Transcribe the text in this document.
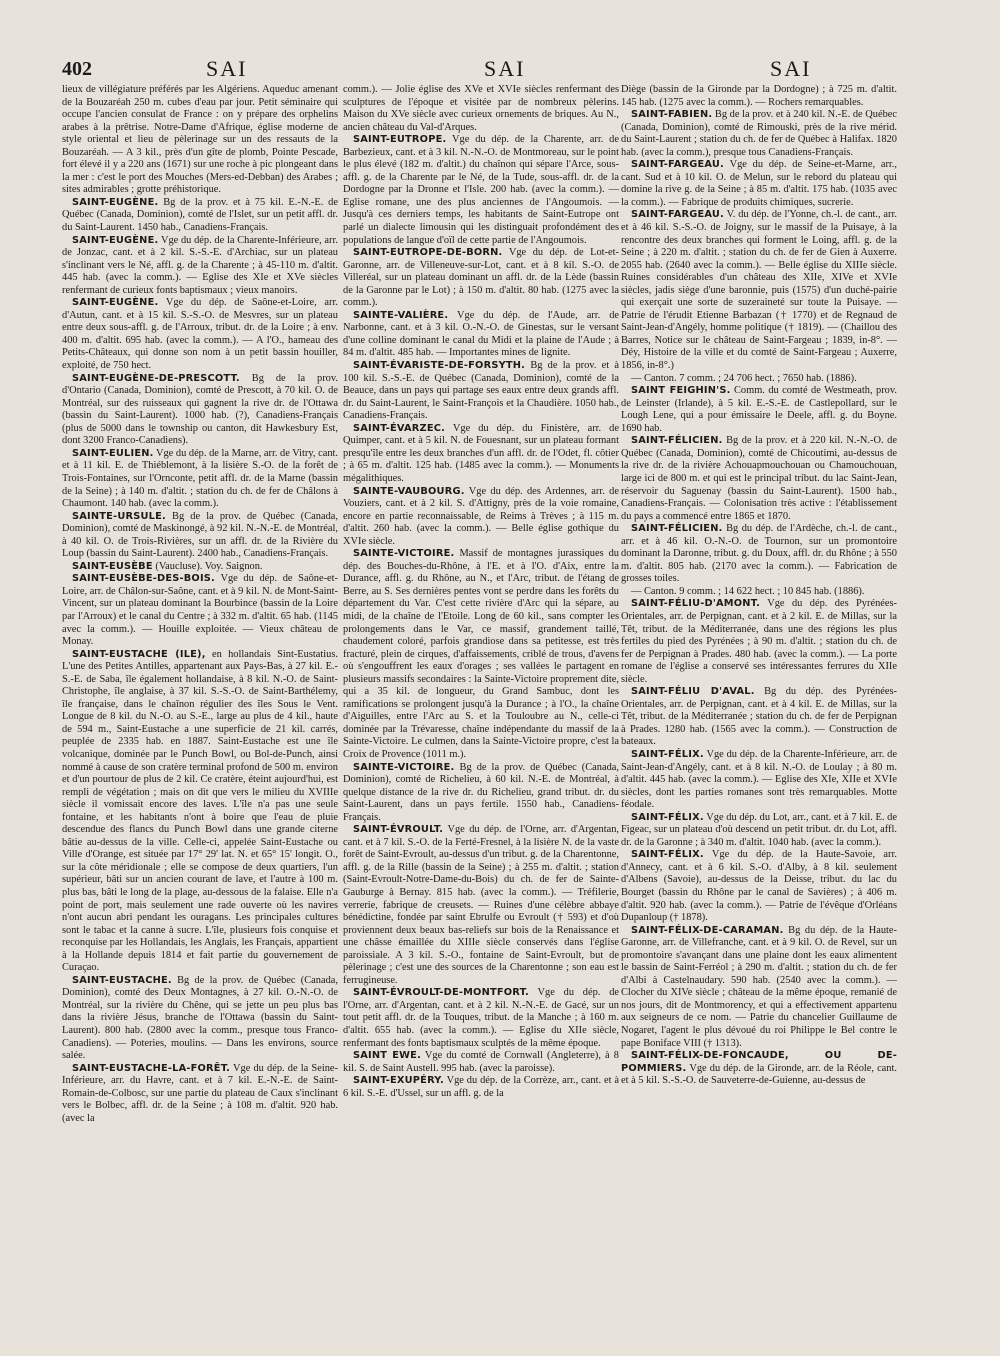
402	SAI	SAI	SAI

lieux de villégiature préférés par les Algériens. Aqueduc amenant de la Bouzaréah 250 m. cubes d'eau par jour. Petit séminaire qui occupe l'ancien consulat de France : on y prépare des orphelins arabes à la prêtrise. Notre-Dame d'Afrique, église moderne de style oriental et lieu de pèlerinage sur un des ressauts de la Bouzaréah. — A 3 kil., près d'un gîte de plomb, Pointe Pescade, fort élevé il y a 220 ans (1671) sur une roche à pic plongeant dans la mer : c'est le port des Mouches (Mers-ed-Debban) des Arabes ; sites admirables ; grotte préhistorique.

SAINT-EUGÈNE. Bg de la prov. et à 75 kil. E.-N.-E. de Québec (Canada, Dominion), comté de l'Islet, sur un petit affl. dr. du Saint-Laurent. 1450 hab., Canadiens-Français.

SAINT-EUGÈNE. Vge du dép. de la Charente-Inférieure, arr. de Jonzac, cant. et à 2 kil. S.-S.-E. d'Archiac, sur un plateau s'inclinant vers le Né, affl. g. de la Charente ; à 45-110 m. d'altit. 445 hab. (avec la comm.). — Eglise des XIe et XVe siècles renfermant de curieux fonts baptismaux ; vieux manoirs.

SAINT-EUGÈNE. Vge du dép. de Saône-et-Loire, arr. d'Autun, cant. et à 15 kil. S.-S.-O. de Mesvres, sur un plateau entre deux sous-affl. g. de l'Arroux, tribut. dr. de la Loire ; à env. 400 m. d'altit. 695 hab. (avec la comm.). — A l'O., hameau des Petits-Châteaux, qui donne son nom à un petit bassin houiller, exploité, de 750 hect.

SAINT-EUGÈNE-DE-PRESCOTT. Bg de la prov. d'Ontario (Canada, Dominion), comté de Prescott, à 70 kil. O. de Montréal, sur des ruisseaux qui gagnent la rive dr. de l'Ottawa (bassin du Saint-Laurent). 1000 hab. (?), Canadiens-Français (plus de 5000 dans le township ou canton, dit Hawkesbury Est, dont 3200 Franco-Canadiens).

SAINT-EULIEN. Vge du dép. de la Marne, arr. de Vitry, cant. et à 11 kil. E. de Thiéblemont, à la lisière S.-O. de la forêt de Trois-Fontaines, sur l'Ornconte, petit affl. dr. de la Marne (bassin de la Seine) ; à 140 m. d'altit. ; station du ch. de fer de Châlons à Chaumont. 140 hab. (avec la comm.).

SAINTE-URSULE. Bg de la prov. de Québec (Canada, Dominion), comté de Maskinongé, à 92 kil. N.-N.-E. de Montréal, à 40 kil. O. de Trois-Rivières, sur un affl. dr. de la Rivière du Loup (bassin du Saint-Laurent). 2400 hab., Canadiens-Français.

SAINT-EUSÈBE (Vaucluse). Voy. Saignon.

SAINT-EUSÈBE-DES-BOIS. Vge du dép. de Saône-et-Loire, arr. de Châlon-sur-Saône, cant. et à 9 kil. N. de Mont-Saint-Vincent, sur un plateau dominant la Bourbince (bassin de la Loire par l'Arroux) et le canal du Centre ; à 332 m. d'altit. 65 hab. (1145 avec la comm.). — Houille exploitée. — Vieux château de Monay.

SAINT-EUSTACHE (ILE), en hollandais Sint-Eustatius. L'une des Petites Antilles, appartenant aux Pays-Bas, à 27 kil. E.-S.-E. de Saba, île également hollandaise, à 8 kil. N.-O. de Saint-Christophe, île anglaise, à 37 kil. S.-S.-O. de Saint-Barthélemy, île française, dans le chaînon régulier des îles Sous le Vent. Longue de 8 kil. du N.-O. au S.-E., large au plus de 4 kil., haute de 594 m., Saint-Eustache a une superficie de 21 kil. carrés, peuplée de 2335 hab. en 1887. Saint-Eustache est une île volcanique, dominée par le Punch Bowl, ou Bol-de-Punch, ainsi nommé à cause de son cratère terminal profond de 500 m. environ et d'un pourtour de plus de 2 kil. Ce cratère, éteint aujourd'hui, est rempli de végétation ; mais on dit que vers le milieu du XVIIIe siècle il vomissait encore des laves. L'île n'a pas une seule fontaine, et les habitants n'ont à boire que l'eau de pluie descendue des flancs du Punch Bowl dans une grande citerne bâtie au-dessus de la ville. Celle-ci, appelée Saint-Eustache ou Ville d'Orange, est située par 17° 29' lat. N. et 65° 15' longit. O., sur la côte méridionale ; elle se compose de deux quartiers, l'un supérieur, bâti sur un ancien courant de lave, et l'autre à 100 m. plus bas, bâti le long de la plage, au-dessous de la falaise. Elle n'a point de port, mais seulement une rade ouverte où les navires n'ont aucun abri pendant les ouragans. Les principales cultures sont le tabac et la canne à sucre. L'île, plusieurs fois conquise et reconquise par les Hollandais, les Anglais, les Français, appartient à la Hollande depuis 1814 et fait partie du gouvernement de Curaçao.

SAINT-EUSTACHE. Bg de la prov. de Québec (Canada, Dominion), comté des Deux Montagnes, à 27 kil. O.-N.-O. de Montréal, sur la rivière du Chêne, qui se jette un peu plus bas dans la rivière Jésus, branche de l'Ottawa (bassin du Saint-Laurent). 800 hab. (2800 avec la comm., presque tous Franco-Canadiens). — Poteries, moulins. — Dans les environs, source salée.

SAINT-EUSTACHE-LA-FORÊT. Vge du dép. de la Seine-Inférieure, arr. du Havre, cant. et à 7 kil. E.-N.-E. de Saint-Romain-de-Colbosc, sur une partie du plateau de Caux s'inclinant vers le Bolbec, affl. dr. de la Seine ; à 108 m. d'altit. 920 hab. (avec la

comm.). — Jolie église des XVe et XVIe siècles renfermant des sculptures de l'époque et visitée par de nombreux pèlerins. Maison du XVe siècle avec curieux ornements de briques. Au N., ancien château du Val-d'Arques.

SAINT-EUTROPE. Vge du dép. de la Charente, arr. de Barbezieux, cant. et à 3 kil. N.-N.-O. de Montmoreau, sur le point le plus élevé (182 m. d'altit.) du chaînon qui sépare l'Arce, sous-affl. g. de la Charente par le Né, de la Tude, sous-affl. dr. de la Dordogne par la Dronne et l'Isle. 200 hab. (avec la comm.). — Eglise romane, une des plus anciennes de l'Angoumois. — Jusqu'à ces derniers temps, les habitants de Saint-Eutrope ont parlé un dialecte limousin qui les distinguait profondément des populations de langue d'oïl de cette partie de l'Angoumois.

SAINT-EUTROPE-DE-BORN. Vge du dép. de Lot-et-Garonne, arr. de Villeneuve-sur-Lot, cant. et à 8 kil. S.-O. de Villeréal, sur un plateau dominant un affl. dr. de la Lède (bassin de la Garonne par le Lot) ; à 150 m. d'altit. 80 hab. (1275 avec la comm.).

SAINTE-VALIÈRE. Vge du dép. de l'Aude, arr. de Narbonne, cant. et à 3 kil. O.-N.-O. de Ginestas, sur le versant d'une colline dominant le canal du Midi et la plaine de l'Aude ; à 84 m. d'altit. 485 hab. — Importantes mines de lignite.

SAINT-ÉVARISTE-DE-FORSYTH. Bg de la prov. et à 100 kil. S.-S.-E. de Québec (Canada, Dominion), comté de la Beauce, dans un pays qui partage ses eaux entre deux grands affl. dr. du Saint-Laurent, le Saint-François et la Chaudière. 1050 hab., Canadiens-Français.

SAINT-ÉVARZEC. Vge du dép. du Finistère, arr. de Quimper, cant. et à 5 kil. N. de Fouesnant, sur un plateau formant presqu'île entre les deux branches d'un affl. dr. de l'Odet, fl. côtier ; à 65 m. d'altit. 125 hab. (1485 avec la comm.). — Monuments mégalithiques.

SAINTE-VAUBOURG. Vge du dép. des Ardennes, arr. de Vouziers, cant. et à 2 kil. S. d'Attigny, près de la voie romaine, encore en partie reconnaissable, de Reims à Trèves ; à 115 m. d'altit. 260 hab. (avec la comm.). — Belle église gothique du XVIe siècle.

SAINTE-VICTOIRE. Massif de montagnes jurassiques du dép. des Bouches-du-Rhône, à l'E. et à l'O. d'Aix, entre la Durance, affl. g. du Rhône, au N., et l'Arc, tribut. de l'étang de Berre, au S. Ses dernières pentes vont se perdre dans les forêts du département du Var. C'est cette rivière d'Arc qui la sépare, au midi, de la chaîne de l'Etoile. Long de 60 kil., sans compter les prolongements dans le Var, ce massif, grandement taillé, chaudement coloré, parfois grandiose dans sa petitesse, est très fracturé, plein de cirques, d'affaissements, criblé de trous, d'avens où s'engouffrent les eaux d'orages ; ses vallées le partagent en plusieurs massifs secondaires : la Sainte-Victoire proprement dite, qui a 35 kil. de longueur, du Grand Sambuc, dont les ramifications se prolongent jusqu'à la Durance ; à l'O., la chaîne d'Aiguilles, entre l'Arc au S. et la Touloubre au N., celle-ci dominée par la Trévaresse, chaîne indépendante du massif de la Sainte-Victoire. Le culmen, dans la Sainte-Victoire propre, c'est la Croix de Provence (1011 m.).

SAINTE-VICTOIRE. Bg de la prov. de Québec (Canada, Dominion), comté de Richelieu, à 60 kil. N.-E. de Montréal, à quelque distance de la rive dr. du Richelieu, grand tribut. dr. du Saint-Laurent, dans un pays fertile. 1550 hab., Canadiens-Français.

SAINT-ÉVROULT. Vge du dép. de l'Orne, arr. d'Argentan, cant. et à 7 kil. S.-O. de la Ferté-Fresnel, à la lisière N. de la vaste forêt de Saint-Evroult, au-dessus d'un tribut. g. de la Charentonne, affl. g. de la Rille (bassin de la Seine) ; à 255 m. d'altit. ; station (Saint-Evroult-Notre-Dame-du-Bois) du ch. de fer de Sainte-Gauburge à Bernay. 815 hab. (avec la comm.). — Tréfilerie, verrerie, fabrique de creusets. — Ruines d'une célèbre abbaye bénédictine, fondée par saint Ebrulfe ou Evroult († 593) et d'où proviennent deux beaux bas-reliefs sur bois de la Renaissance et une châsse émaillée du XIIIe siècle conservés dans l'église paroissiale. A 3 kil. S.-O., fontaine de Saint-Evroult, but de pèlerinage ; c'est une des sources de la Charentonne ; son eau est ferrugineuse.

SAINT-ÉVROULT-DE-MONTFORT. Vge du dép. de l'Orne, arr. d'Argentan, cant. et à 2 kil. N.-N.-E. de Gacé, sur un tout petit affl. dr. de la Touques, tribut. de la Manche ; à 160 m. d'altit. 655 hab. (avec la comm.). — Eglise du XIIe siècle, renfermant des fonts baptismaux sculptés de la même époque.

SAINT EWE. Vge du comté de Cornwall (Angleterre), à 8 kil. S. de Saint Austell. 995 hab. (avec la paroisse).

SAINT-EXUPÉRY. Vge du dép. de la Corrèze, arr., cant. et à 6 kil. S.-E. d'Ussel, sur un affl. g. de la

Diège (bassin de la Gironde par la Dordogne) ; à 725 m. d'altit. 145 hab. (1275 avec la comm.). — Rochers remarquables.

SAINT-FABIEN. Bg de la prov. et à 240 kil. N.-E. de Québec (Canada, Dominion), comté de Rimouski, près de la rive mérid. du Saint-Laurent ; station du ch. de fer de Québec à Halifax. 1820 hab. (avec la comm.), presque tous Canadiens-Français.

SAINT-FARGEAU. Vge du dép. de Seine-et-Marne, arr., cant. Sud et à 10 kil. O. de Melun, sur le rebord du plateau qui domine la rive g. de la Seine ; à 85 m. d'altit. 175 hab. (1035 avec la comm.). — Fabrique de produits chimiques, sucrerie.

SAINT-FARGEAU. V. du dép. de l'Yonne, ch.-l. de cant., arr. et à 46 kil. S.-S.-O. de Joigny, sur le massif de la Puisaye, à la rencontre des deux branches qui forment le Loing, affl. g. de la Seine ; à 220 m. d'altit. ; station du ch. de fer de Gien à Auxerre. 2055 hab. (2640 avec la comm.). — Belle église du XIIIe siècle. Ruines considérables d'un château des XIIe, XIVe et XVIe siècles, jadis siège d'une baronnie, puis (1575) d'un duché-pairie qui exerçait une sorte de suzeraineté sur toute la Puisaye. — Patrie de l'érudit Etienne Barbazan († 1770) et de Regnaud de Saint-Jean-d'Angély, homme politique († 1819). — (Chaillou des Barres, Notice sur le château de Saint-Fargeau ; 1839, in-8°. — Déy, Histoire de la ville et du comté de Saint-Fargeau ; Auxerre, 1856, in-8°.)

— Canton. 7 comm. ; 24 706 hect. ; 7650 hab. (1886).

SAINT FEIGHIN'S. Comm. du comté de Westmeath, prov. de Leinster (Irlande), à 5 kil. E.-S.-E. de Castlepollard, sur le Lough Lene, qui a pour émissaire le Deele, affl. g. du Boyne. 1690 hab.

SAINT-FÉLICIEN. Bg de la prov. et à 220 kil. N.-N.-O. de Québec (Canada, Dominion), comté de Chicoutimi, au-dessus de la rive dr. de la rivière Achouapmouchouan ou Chamouchouan, large ici de 800 m. et qui est le principal tribut. du lac Saint-Jean, réservoir du Saguenay (bassin du Saint-Laurent). 1500 hab., Canadiens-Français. — Colonisation très active : l'établissement du pays a commencé entre 1865 et 1870.

SAINT-FÉLICIEN. Bg du dép. de l'Ardèche, ch.-l. de cant., arr. et à 46 kil. O.-N.-O. de Tournon, sur un promontoire dominant la Daronne, tribut. g. du Doux, affl. dr. du Rhône ; à 550 m. d'altit. 805 hab. (2170 avec la comm.). — Fabrication de grosses toiles.

— Canton. 9 comm. ; 14 622 hect. ; 10 845 hab. (1886).

SAINT-FÉLIU-D'AMONT. Vge du dép. des Pyrénées-Orientales, arr. de Perpignan, cant. et à 2 kil. E. de Millas, sur la Têt, tribut. de la Méditerranée, dans une des régions les plus fertiles du pied des Pyrénées ; à 90 m. d'altit. ; station du ch. de fer de Perpignan à Prades. 480 hab. (avec la comm.). — La porte romane de l'église a conservé ses intéressantes ferrures du XIIe siècle.

SAINT-FÉLIU D'AVAL. Bg du dép. des Pyrénées-Orientales, arr. de Perpignan, cant. et à 4 kil. E. de Millas, sur la Têt, tribut. de la Méditerranée ; station du ch. de fer de Perpignan à Prades. 1280 hab. (1565 avec la comm.). — Construction de bateaux.

SAINT-FÉLIX. Vge du dép. de la Charente-Inférieure, arr. de Saint-Jean-d'Angély, cant. et à 8 kil. N.-O. de Loulay ; à 80 m. d'altit. 445 hab. (avec la comm.). — Eglise des XIe, XIIe et XVIe siècles, dont les parties romanes sont très remarquables. Motte féodale.

SAINT-FÉLIX. Vge du dép. du Lot, arr., cant. et à 7 kil. E. de Figeac, sur un plateau d'où descend un petit tribut. dr. du Lot, affl. dr. de la Garonne ; à 340 m. d'altit. 1040 hab. (avec la comm.).

SAINT-FÉLIX. Vge du dép. de la Haute-Savoie, arr. d'Annecy, cant. et à 6 kil. S.-O. d'Alby, à 8 kil. seulement d'Albens (Savoie), au-dessus de la Deisse, tribut. du lac du Bourget (bassin du Rhône par le canal de Savières) ; à 406 m. d'altit. 920 hab. (avec la comm.). — Patrie de l'évêque d'Orléans Dupanloup († 1878).

SAINT-FÉLIX-DE-CARAMAN. Bg du dép. de la Haute-Garonne, arr. de Villefranche, cant. et à 9 kil. O. de Revel, sur un promontoire s'avançant dans une plaine dont les eaux alimentent le bassin de Saint-Ferréol ; à 290 m. d'altit. ; station du ch. de fer d'Albi à Castelnaudary. 590 hab. (2540 avec la comm.). — Clocher du XIVe siècle ; château de la même époque, remanié de nos jours, dit de Montmorency, et qui a effectivement appartenu aux seigneurs de ce nom. — Patrie du chancelier Guillaume de Nogaret, l'agent le plus dévoué du roi Philippe le Bel contre le pape Boniface VIII († 1313).

SAINT-FÉLIX-DE-FONCAUDE, OU DE-POMMIERS. Vge du dép. de la Gironde, arr. de la Réole, cant. et à 5 kil. S.-S.-O. de Sauveterre-de-Guienne, au-dessus de
